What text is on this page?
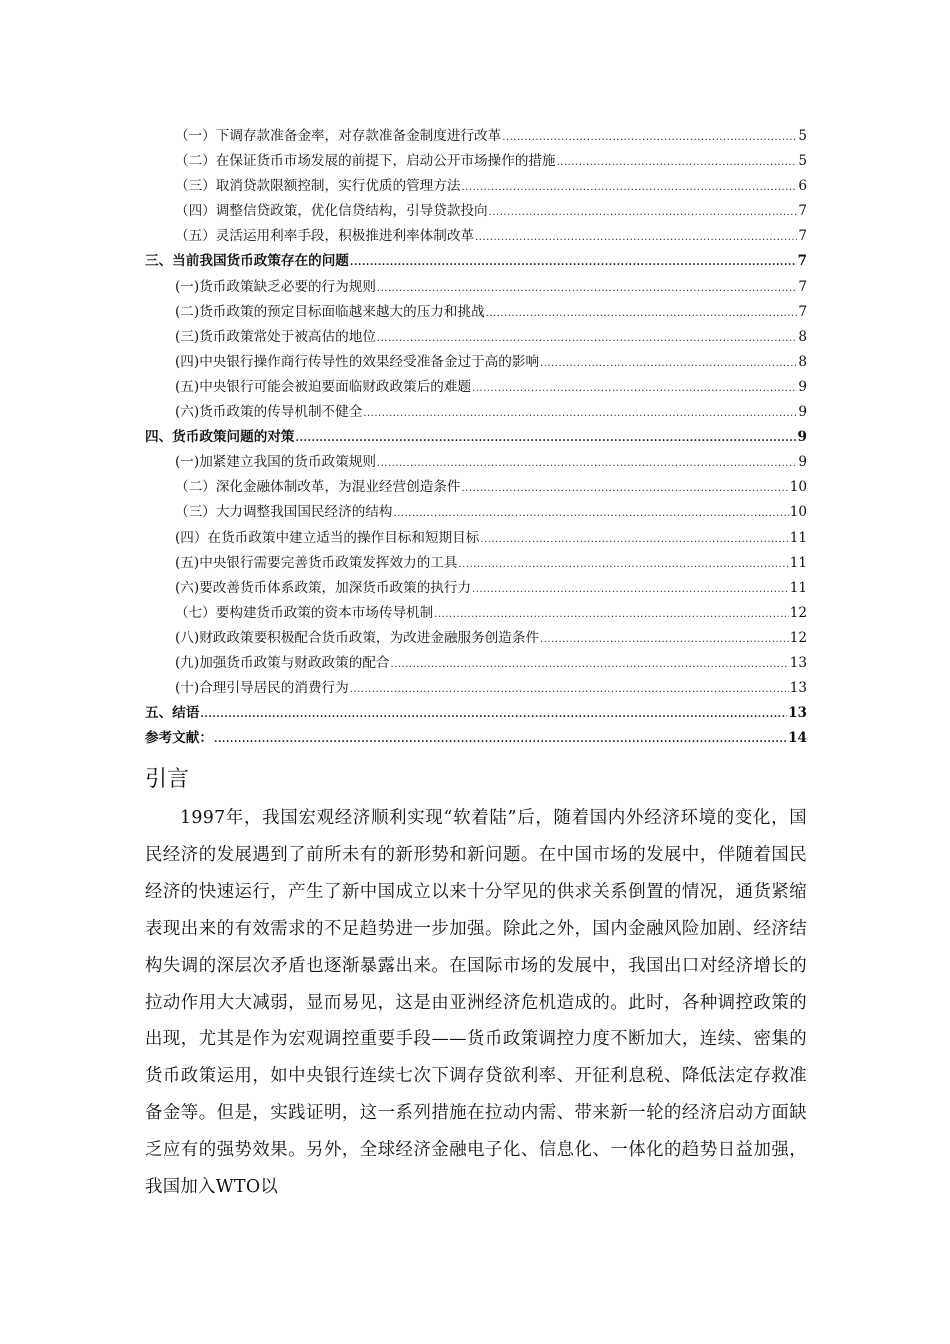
（一）下调存款准备金率，对存款准备金制度进行改革 .....	5
（二）在保证货币市场发展的前提下，启动公开市场操作的措施 .....	5
（三）取消贷款限额控制，实行优质的管理方法 .....	6
（四）调整信贷政策，优化信贷结构，引导贷款投向 .....	7
（五）灵活运用利率手段，积极推进利率体制改革 .....	7
三、当前我国货币政策存在的问题 .....	7
(一)货币政策缺乏必要的行为规则 .....	7
(二)货币政策的预定目标面临越来越大的压力和挑战 .....	7
(三)货币政策常处于被高估的地位 .....	8
(四)中央银行操作商行传导性的效果经受准备金过于高的影响 .....	8
(五)中央银行可能会被迫要面临财政政策后的难题 .....	9
(六)货币政策的传导机制不健全 .....	9
四、货币政策问题的对策 .....	9
(一)加紧建立我国的货币政策规则 .....	9
（二）深化金融体制改革，为混业经营创造条件 .....	10
（三）大力调整我国国民经济的结构 .....	10
(四）在货币政策中建立适当的操作目标和短期目标 .....	11
(五)中央银行需要完善货币政策发挥效力的工具 .....	11
(六)要改善货币体系政策，加深货币政策的执行力 .....	11
（七）要构建货币政策的资本市场传导机制 .....	12
(八)财政政策要积极配合货币政策，为改进金融服务创造条件 .....	12
(九)加强货币政策与财政政策的配合 .....	13
(十)合理引导居民的消费行为 .....	13
五、结语 .....	13
参考文献： .....	14
引言

1997年，我国宏观经济顺利实现“软着陆”后，随着国内外经济环境的变化，国民经济的发展遇到了前所未有的新形势和新问题。在中国市场的发展中，伴随着国民经济的快速运行，产生了新中国成立以来十分罕见的供求关系倒置的情况，通货紧缩表现出来的有效需求的不足趋势进一步加强。除此之外，国内金融风险加剧、经济结构失调的深层次矛盾也逐渐暴露出来。在国际市场的发展中，我国出口对经济增长的拉动作用大大减弱，显而易见，这是由亚洲经济危机造成的。此时，各种调控政策的出现，尤其是作为宏观调控重要手段——货币政策调控力度不断加大，连续、密集的货币政策运用，如中央银行连续七次下调存贷欲利率、开征利息税、降低法定存救准备金等。但是，实践证明，这一系列措施在拉动内需、带来新一轮的经济启动方面缺乏应有的强势效果。另外，全球经济金融电子化、信息化、一体化的趋势日益加强，我国加入WTO以
